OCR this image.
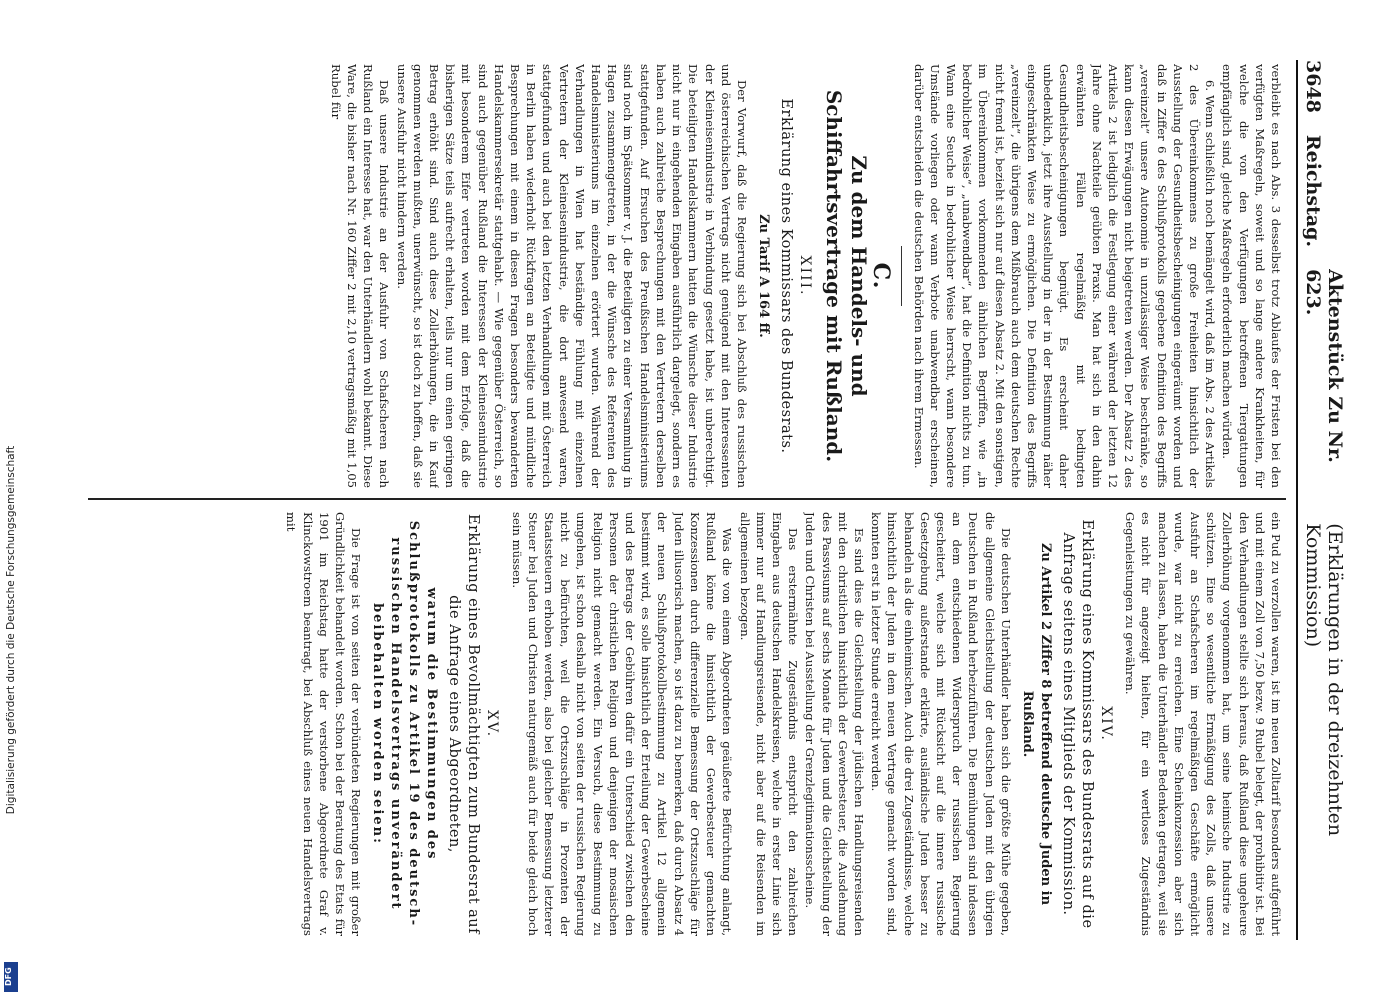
Digitalisierung gefördert durch die Deutsche Forschungsgemeinschaft
DFG
3648
Reichstag.
Aktenstück Zu Nr. 623.
(Erklärungen in der dreizehnten Kommission)

verbleibt es nach Abs. 3 desselbst trotz Ablaufes der Fristen bei den verfügten Maßregeln, soweit und so lange andere Krankheiten, für welche die von den Verfügungen betroffenen Tiergattungen empfänglich sind, gleiche Maßregeln erforderlich machen würden.

6. Wenn schließlich noch bemängelt wird, daß im Abs. 2 des Artikels 2 des Übereinkommens zu große Freiheiten hinsichtlich der Ausstellung der Gesundheitsbescheinigungen eingeräumt worden und daß in Ziffer 6 des Schlußprotokolls gegebene Definition des Begriffs „vereinzelt“ unsere Autonomie in unzulässiger Weise beschränke, so kann diesen Erwägungen nicht beigetreten werden. Der Absatz 2 des Artikels 2 ist lediglich die Festlegung einer während der letzten 12 Jahre ohne Nachteile geübten Praxis. Man hat sich in den dahin erwähnten Fällen regelmäßig mit bedingten Gesundheitsbescheinigungen begnügt. Es erscheint daher unbedenklich, jetzt ihre Ausstellung in der in der Bestimmung näher eingeschränkten Weise zu ermöglichen. Die Definition des Begriffs „vereinzelt“, die übrigens dem Mißbrauch auch dem deutschen Rechte nicht fremd ist, bezieht sich nur auf diesen Absatz 2. Mit den sonstigen, im Übereinkommen vorkommenden ähnlichen Begriffen, wie „in bedrohlicher Weise“, „unabwendbar“, hat die Definition nichts zu tun. Wann eine Seuche in bedrohlicher Weise herrscht, wann besondere Umstände vorliegen oder wann Verbote unabwendbar erscheinen, darüber entscheiden die deutschen Behörden nach ihrem Ermessen.

C.
Zu dem Handels- und Schiffahrtsvertrage mit Rußland.
XIII.
Erklärung eines Kommissars des Bundesrats.
Zu Tarif A 164 ff.

Der Vorwurf, daß die Regierung sich bei Abschluß des russischen und österreichischen Vertrags nicht genügend mit den Interessenten der Kleineisenindustrie in Verbindung gesetzt habe, ist unberechtigt. Die beteiligten Handelskammern hatten die Wünsche dieser Industrie nicht nur in eingehenden Eingaben ausführlich dargelegt, sondern es haben auch zahlreiche Besprechungen mit den Vertretern derselben stattgefunden. Auf Ersuchen des Preußischen Handelsministeriums sind noch im Spätsommer v. J. die Beteiligten zu einer Versammlung in Hagen zusammengetreten, in der die Wünsche des Referenten des Handelsministeriums im einzelnen erörtert wurden. Während der Verhandlungen in Wien hat beständige Fühlung mit einzelnen Vertretern der Kleineisenindustrie, die dort anwesend waren, stattgefunden und auch bei den letzten Verhandlungen mit Österreich in Berlin haben wiederholt Rückfragen an Beteiligte und mündliche Besprechungen mit einem in diesen Fragen besonders bewanderten Handelskammersekretär stattgehabt. — Wie gegenüber Österreich, so sind auch gegenüber Rußland die Interessen der Kleineisenindustrie mit besonderem Eifer vertreten worden mit dem Erfolge, daß die bisherigen Sätze teils aufrecht erhalten, teils nur um einen geringen Betrag erhöht sind. Sind auch diese Zollerhöhungen, die in Kauf genommen werden mußten, unerwünscht, so ist doch zu hoffen, daß sie unsere Ausfuhr nicht hindern werden.

Daß unsere Industrie an der Ausfuhr von Schafscheren nach Rußland ein Interesse hat, war den Unterhändlern wohl bekannt. Diese Ware, die bisher nach Nr. 160 Ziffer 2 mit 2,10 vertragsmäßig mit 1,05 Rubel für

ein Pud zu verzollen waren, ist im neuen Zolltarif besonders aufgeführt und mit einem Zoll von 7,50 bezw. 9 Rubel belegt, der prohibitiv ist. Bei den Verhandlungen stellte sich heraus, daß Rußland diese ungeheure Zollerhöhung vorgenommen hat, um seine heimische Industrie zu schützen. Eine so wesentliche Ermäßigung des Zolls, daß unsere Ausfuhr an Schafscheren im regelmäßigen Geschäfte ermöglicht wurde, war nicht zu erreichen. Eine Scheinkonzession aber sich machen zu lassen, haben die Unterhändler Bedenken getragen, weil sie es nicht für angezeigt hielten, für ein wertloses Zugeständnis Gegenleistungen zu gewähren.

XIV.
Erklärung eines Kommissars des Bundesrats auf die Anfrage seitens eines Mitglieds der Kommission.
Zu Artikel 2 Ziffer 8 betreffend deutsche Juden in Rußland.

Die deutschen Unterhändler haben sich die größte Mühe gegeben, die allgemeine Gleichstellung der deutschen Juden mit den übrigen Deutschen in Rußland herbeizuführen. Die Bemühungen sind indessen an dem entschiedenen Widerspruch der russischen Regierung gescheitert, welche sich mit Rücksicht auf die innere russische Gesetzgebung außerstande erklärte, ausländische Juden besser zu behandeln als die einheimischen. Auch die drei Zugeständnisse, welche hinsichtlich der Juden in dem neuen Vertrage gemacht worden sind, konnten erst in letzter Stunde erreicht werden.

Es sind dies die Gleichstellung der jüdischen Handlungsreisenden mit den christlichen hinsichtlich der Gewerbesteuer, die Ausdehnung des Passvisums auf sechs Monate für Juden und die Gleichstellung der Juden und Christen bei Ausstellung der Grenzlegitimationsscheine.

Das erstermähnte Zugeständnis entspricht den zahlreichen Eingaben aus deutschen Handelskreisen, welche in erster Linie sich immer nur auf Handlungsreisende, nicht aber auf die Reisenden im allgemeinen bezogen.

Was die von einem Abgeordneten geäußerte Befürchtung anlangt, Rußland könne die hinsichtlich der Gewerbesteuer gemachten Konzessionen durch differenzielle Bemessung der Ortszuschläge für Juden illusorisch machen, so ist dazu zu bemerken, daß durch Absatz 4 der neuen Schlußprotokollbestimmung zu Artikel 12 allgemein bestimmt wird, es solle hinsichtlich der Erteilung der Gewerbescheine und des Betrags der Gebühren dafür ein Unterschied zwischen den Personen der christlichen Religion und denjenigen der mosaischen Religion nicht gemacht werden. Ein Versuch, diese Bestimmung zu umgehen, ist schon deshalb nicht von seiten der russischen Regierung nicht zu befürchten, weil die Ortszuschläge in Prozenten der Staatssteuern erhoben werden, also bei gleicher Bemessung letzterer Steuer bei Juden und Christen naturgemäß auch für beide gleich hoch sein müssen.

XV.
Erklärung eines Bevollmächtigten zum Bundesrat auf die Anfrage eines Abgeordneten,
warum die Bestimmungen des Schlußprotokolls zu Artikel 19 des deutsch-russischen Handelsvertrags unverändert beibehalten worden seien:

Die Frage ist von seiten der verbündeten Regierungen mit großer Gründlichkeit behandelt worden. Schon bei der Beratung des Etats für 1901 im Reichstag hatte der verstorbene Abgeordnete Graf v. Klinckowstroem beantragt, bei Abschluß eines neuen Handelsvertrags mit
